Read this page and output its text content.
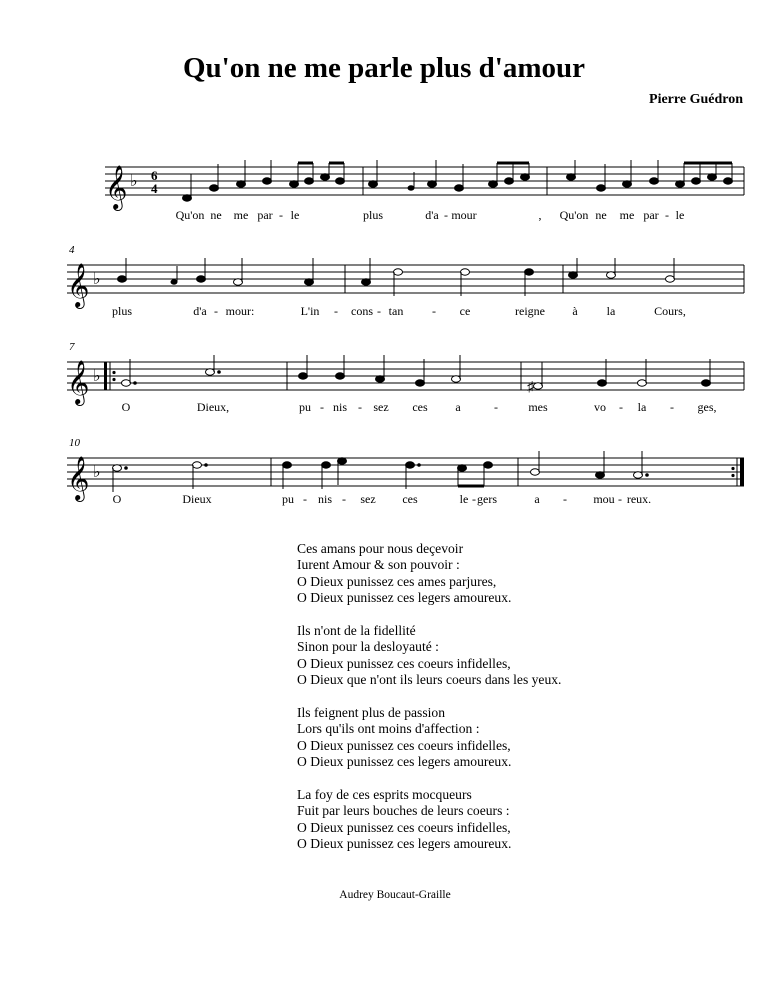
Qu'on ne me parle plus d'amour
Pierre Guédron
𝄞 ♭ 6
4
Qu'on ne me par - le	plus	d'a - mour	, Qu'on ne me par - le
4
𝄞 ♭
plus	d'a - mour:	L'in - cons - tan - ce	reigne à la	Cours,
7
𝄞 ♭
♯
O	Dieux,	pu - nis - sez ces a	-	mes	vo - la - ges,
10
𝄞 ♭
O	Dieux	pu - nis - sez ces	le - gers	a - mou - reux.
Ces amans pour nous deçevoir
Iurent Amour & son pouvoir :
O Dieux punissez ces ames parjures,
O Dieux punissez ces legers amoureux.
Ils n'ont de la fidellité
Sinon pour la desloyauté :
O Dieux punissez ces coeurs infidelles,
O Dieux que n'ont ils leurs coeurs dans les yeux.
Ils feignent plus de passion
Lors qu'ils ont moins d'affection :
O Dieux punissez ces coeurs infidelles,
O Dieux punissez ces legers amoureux.
La foy de ces esprits mocqueurs
Fuit par leurs bouches de leurs coeurs :
O Dieux punissez ces coeurs infidelles,
O Dieux punissez ces legers amoureux.
Audrey Boucaut-Graille
